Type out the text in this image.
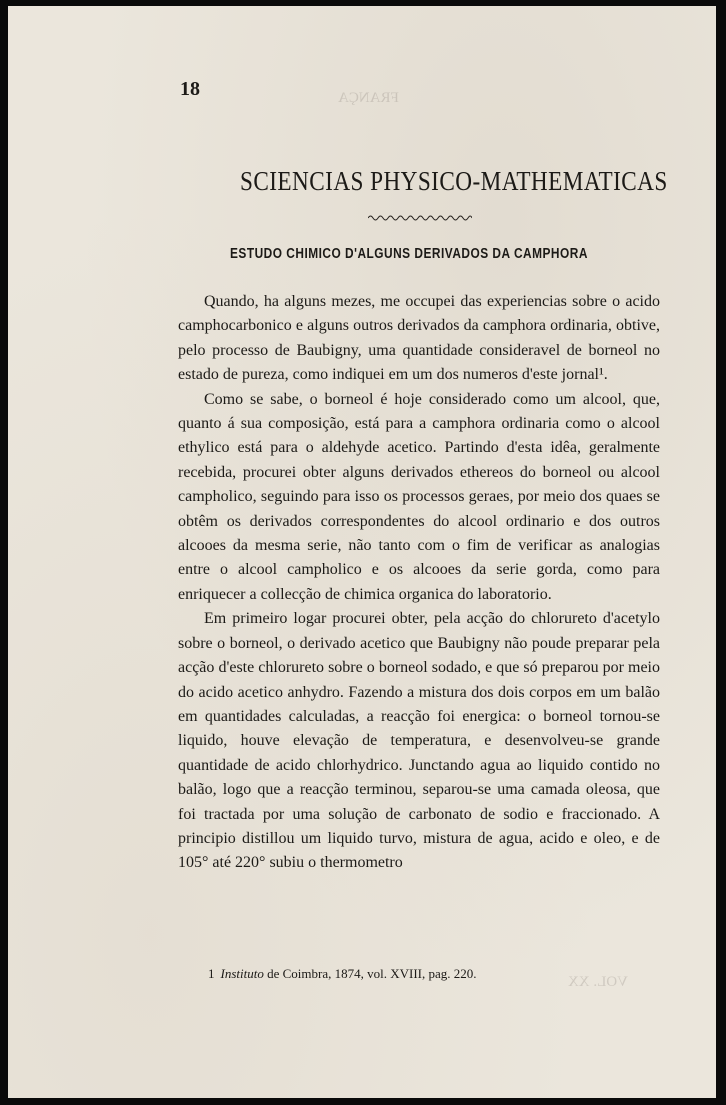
FRANÇA
VOL. XX
18
SCIENCIAS PHYSICO-MATHEMATICAS
ESTUDO CHIMICO D'ALGUNS DERIVADOS DA CAMPHORA

Quando, ha alguns mezes, me occupei das experiencias sobre o acido camphocarbonico e alguns outros derivados da camphora ordinaria, obtive, pelo processo de Baubigny, uma quantidade consideravel de borneol no estado de pureza, como indiquei em um dos numeros d'este jornal¹.

Como se sabe, o borneol é hoje considerado como um alcool, que, quanto á sua composição, está para a camphora ordinaria como o alcool ethylico está para o aldehyde acetico. Partindo d'esta idêa, geralmente recebida, procurei obter alguns derivados ethereos do borneol ou alcool campholico, seguindo para isso os processos geraes, por meio dos quaes se obtêm os derivados correspondentes do alcool ordinario e dos outros alcooes da mesma serie, não tanto com o fim de verificar as analogias entre o alcool campholico e os alcooes da serie gorda, como para enriquecer a collecção de chimica organica do laboratorio.

Em primeiro logar procurei obter, pela acção do chlorureto d'acetylo sobre o borneol, o derivado acetico que Baubigny não poude preparar pela acção d'este chlorureto sobre o borneol sodado, e que só preparou por meio do acido acetico anhydro. Fazendo a mistura dos dois corpos em um balão em quantidades calculadas, a reacção foi energica: o borneol tornou-se liquido, houve elevação de temperatura, e desenvolveu-se grande quantidade de acido chlorhydrico. Junctando agua ao liquido contido no balão, logo que a reacção terminou, separou-se uma camada oleosa, que foi tractada por uma solução de carbonato de sodio e fraccionado. A principio distillou um liquido turvo, mistura de agua, acido e oleo, e de 105° até 220° subiu o thermometro

1 Instituto de Coimbra, 1874, vol. XVIII, pag. 220.
